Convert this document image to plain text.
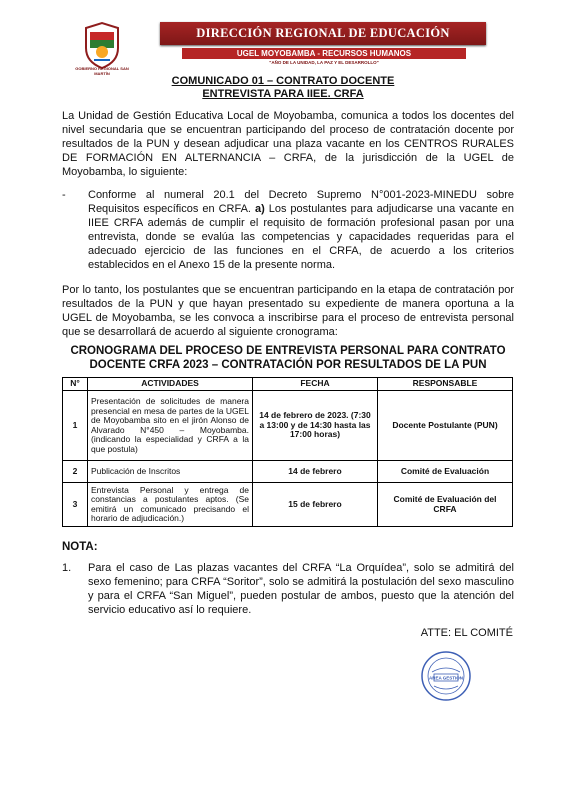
GOBIERNO REGIONAL SAN MARTÍN
DIRECCIÓN REGIONAL DE EDUCACIÓN
UGEL MOYOBAMBA - RECURSOS HUMANOS
"AÑO DE LA UNIDAD, LA PAZ Y EL DESARROLLO"
COMUNICADO 01 – CONTRATO DOCENTE
ENTREVISTA PARA IIEE. CRFA
La Unidad de Gestión Educativa Local de Moyobamba, comunica a todos los docentes del nivel secundaria que se encuentran participando del proceso de contratación docente por resultados de la PUN y desean adjudicar una plaza vacante en los CENTROS RURALES DE FORMACIÓN EN ALTERNANCIA – CRFA, de la jurisdicción de la UGEL de Moyobamba, lo siguiente:
- Conforme al numeral 20.1 del Decreto Supremo N°001-2023-MINEDU sobre Requisitos específicos en CRFA. a) Los postulantes para adjudicarse una vacante en IIEE CRFA además de cumplir el requisito de formación profesional pasan por una entrevista, donde se evalúa las competencias y capacidades requeridas para el adecuado ejercicio de las funciones en el CRFA, de acuerdo a los criterios establecidos en el Anexo 15 de la presente norma.
Por lo tanto, los postulantes que se encuentran participando en la etapa de contratación por resultados de la PUN y que hayan presentado su expediente de manera oportuna a la UGEL de Moyobamba, se les convoca a inscribirse para el proceso de entrevista personal que se desarrollará de acuerdo al siguiente cronograma:
CRONOGRAMA DEL PROCESO DE ENTREVISTA PERSONAL PARA CONTRATO
DOCENTE CRFA 2023 – CONTRATACIÓN POR RESULTADOS DE LA PUN
N°	ACTIVIDADES	FECHA	RESPONSABLE
1	Presentación de solicitudes de manera presencial en mesa de partes de la UGEL de Moyobamba sito en el jirón Alonso de Alvarado N°450 – Moyobamba. (indicando la especialidad y CRFA a la que postula)	14 de febrero de 2023. (7:30 a 13:00 y de 14:30 hasta las 17:00 horas)	Docente Postulante (PUN)
2	Publicación de Inscritos	14 de febrero	Comité de Evaluación
3	Entrevista Personal y entrega de constancias a postulantes aptos. (Se emitirá un comunicado precisando el horario de adjudicación.)	15 de febrero	Comité de Evaluación del CRFA
NOTA:
1. Para el caso de Las plazas vacantes del CRFA “La Orquídea”, solo se admitirá del sexo femenino; para CRFA “Soritor”, solo se admitirá la postulación del sexo masculino y para el CRFA “San Miguel”, pueden postular de ambos, puesto que la atención del servicio educativo así lo requiere.
ATTE: EL COMITÉ
AREA GESTION
